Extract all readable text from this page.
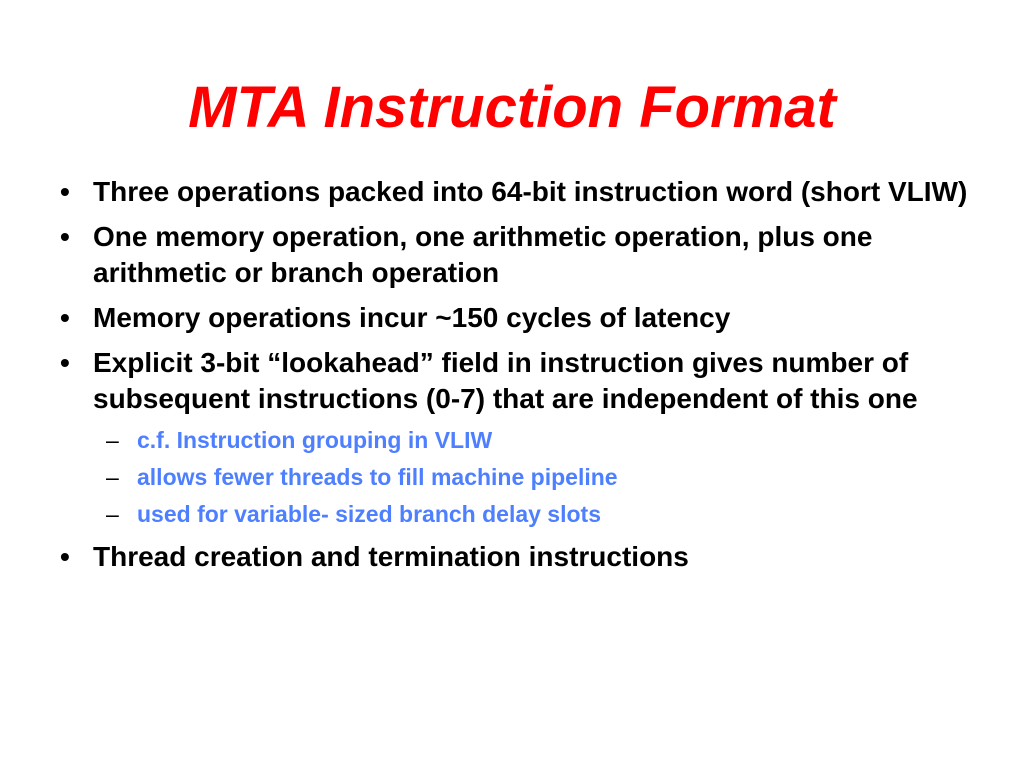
MTA Instruction Format
• Three operations packed into 64-bit instruction word (short VLIW)
• One memory operation, one arithmetic operation, plus one arithmetic or branch operation
• Memory operations incur ~150 cycles of latency
• Explicit 3-bit “lookahead” field in instruction gives number of subsequent instructions (0-7) that are independent of this one
– c.f. Instruction grouping in VLIW
– allows fewer threads to fill machine pipeline
– used for variable- sized branch delay slots
• Thread creation and termination instructions
